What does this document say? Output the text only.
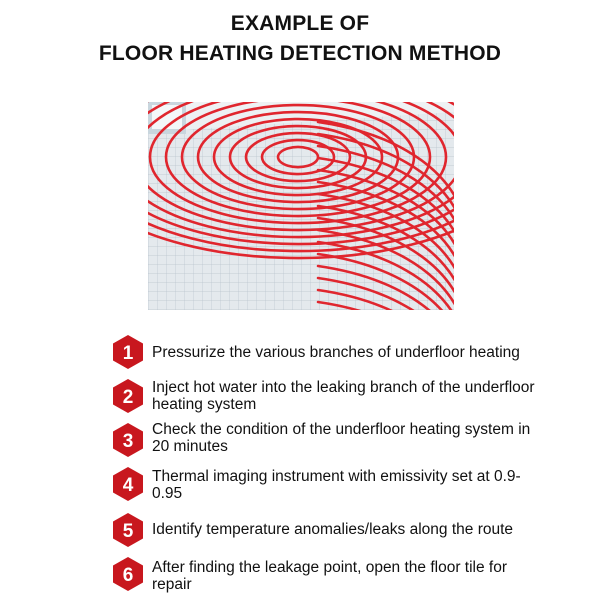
EXAMPLE OF
FLOOR HEATING DETECTION METHOD
1 Pressurize the various branches of underfloor heating
2 Inject hot water into the leaking branch of the underfloor heating system
3
Check the condition of the underfloor heating system in 20 minutes
4 Thermal imaging instrument with emissivity set at 0.9-0.95
5 Identify temperature anomalies/leaks along the route
6 After finding the leakage point, open the floor tile for repair
